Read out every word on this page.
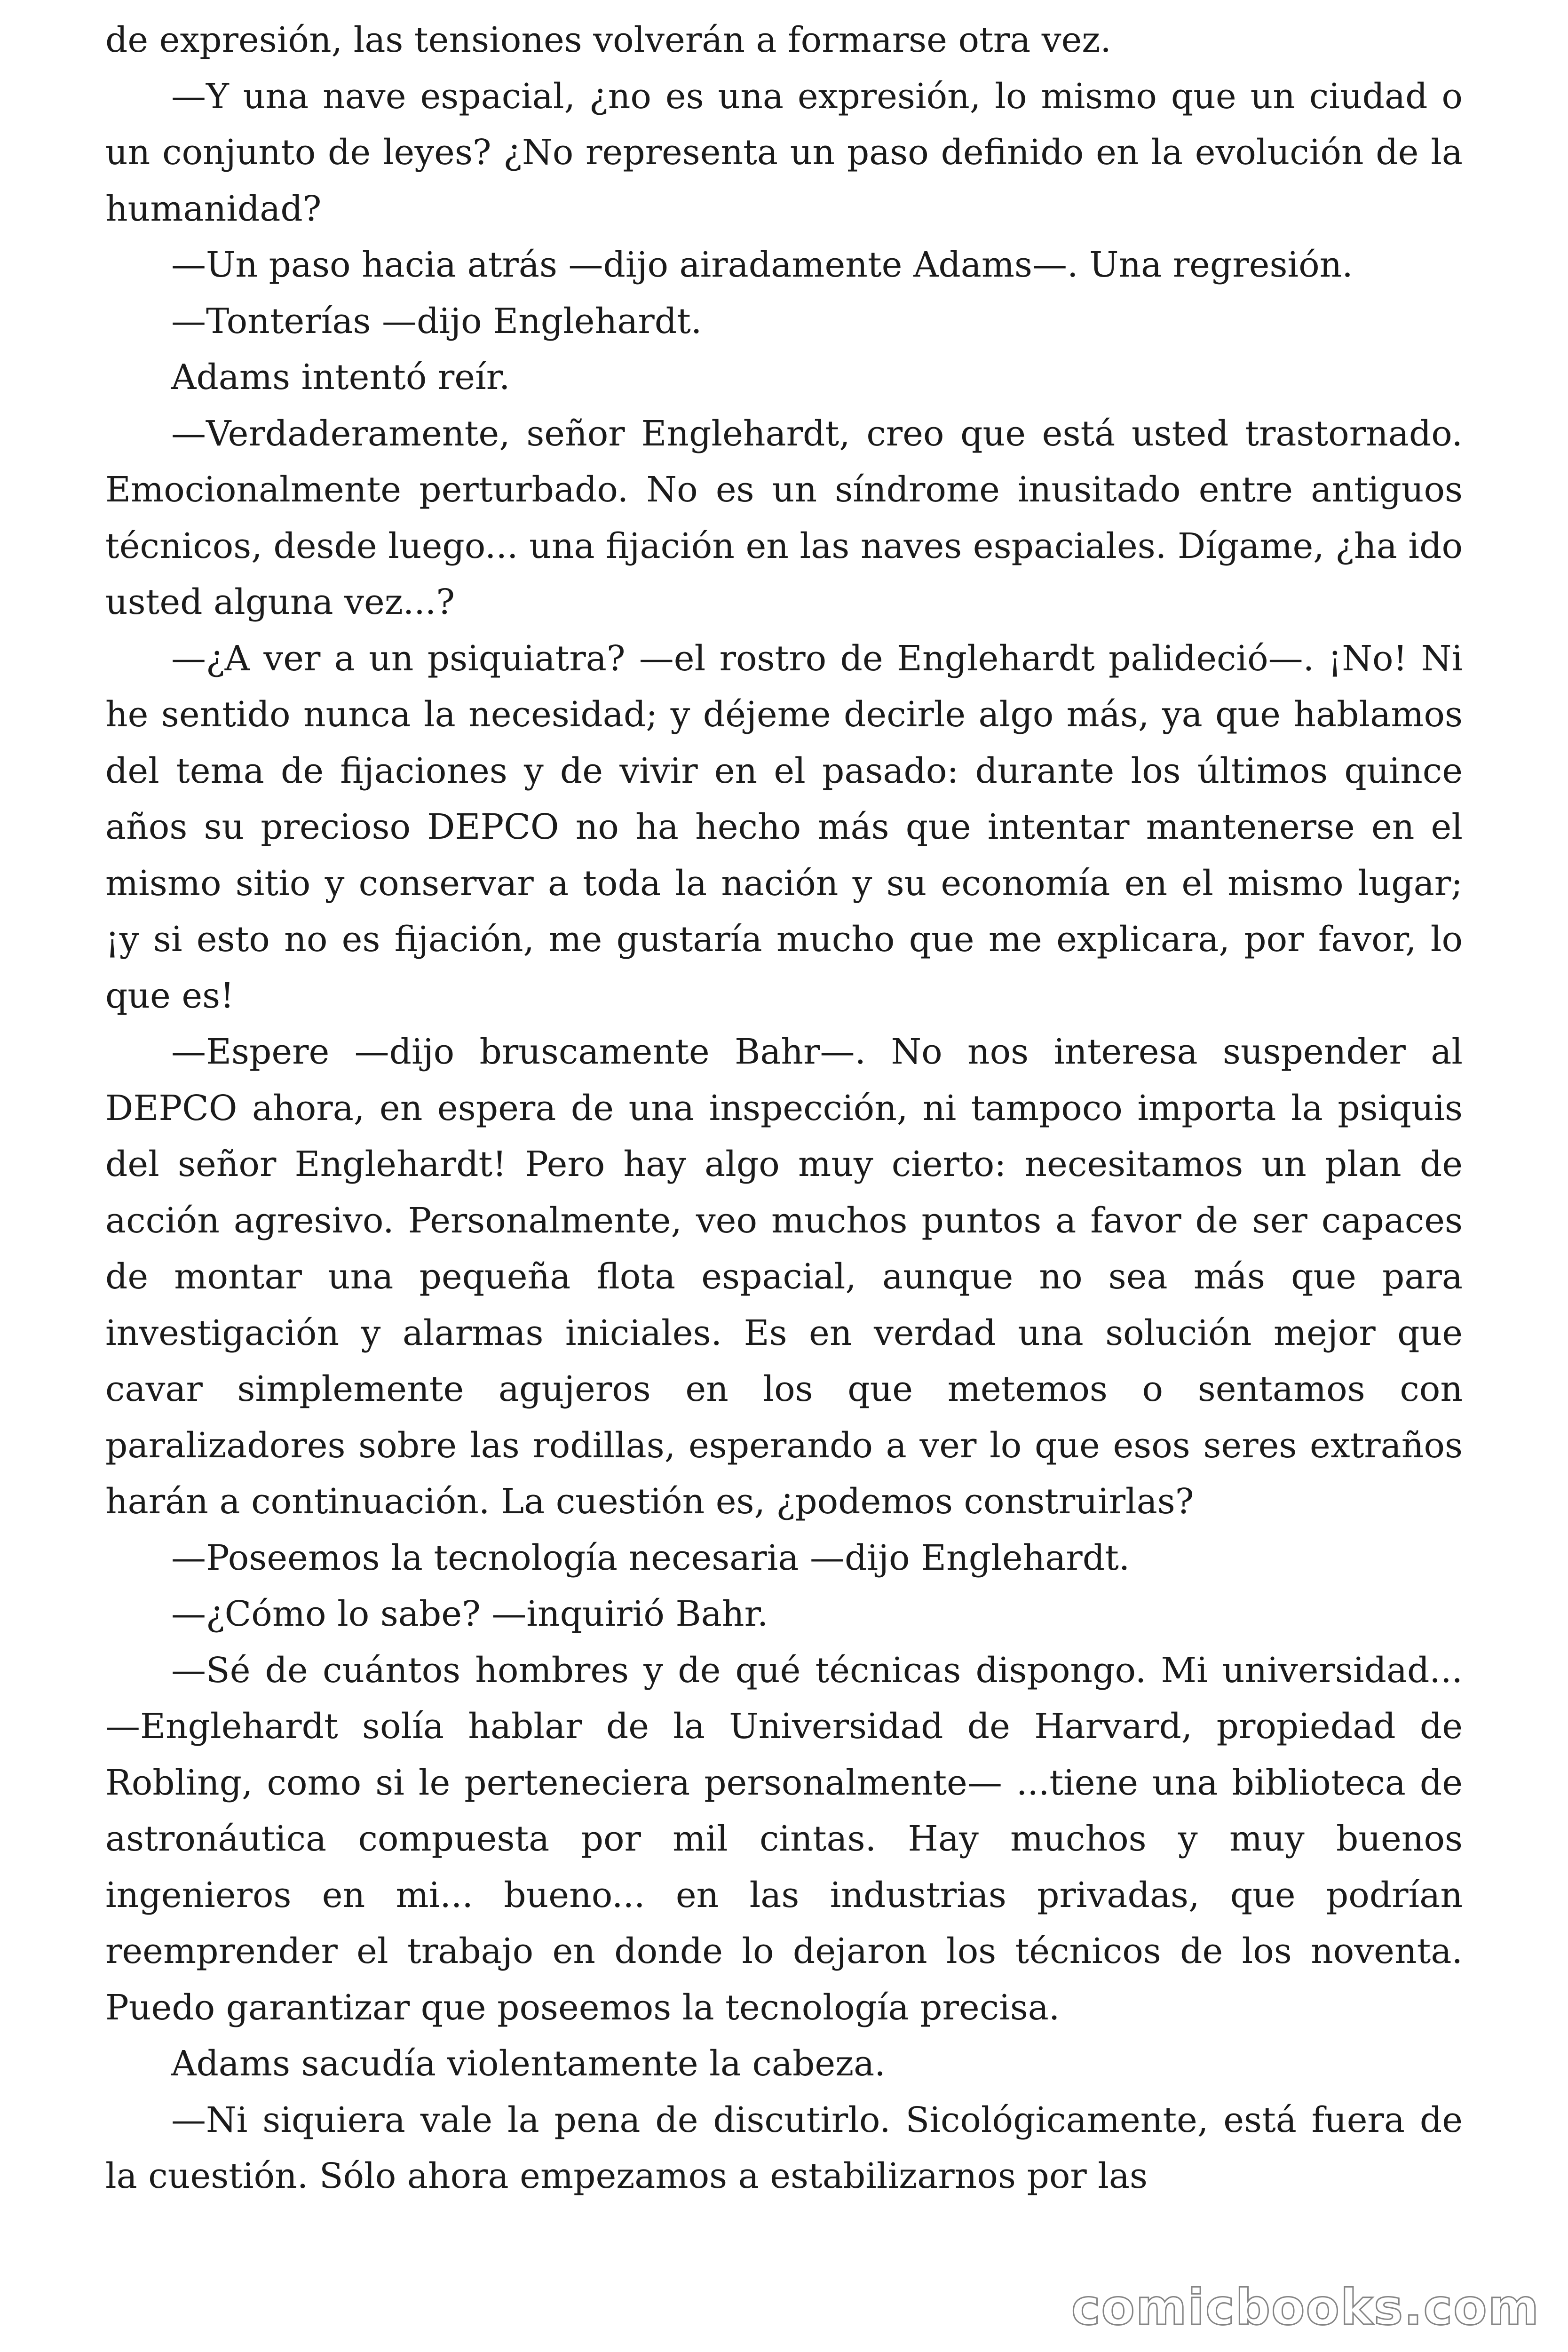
de expresión, las tensiones volverán a formarse otra vez.

—Y una nave espacial, ¿no es una expresión, lo mismo que un ciudad o un conjunto de leyes? ¿No representa un paso definido en la evolución de la humanidad?

—Un paso hacia atrás —dijo airadamente Adams—. Una regresión.

—Tonterías —dijo Englehardt.

Adams intentó reír.

—Verdaderamente, señor Englehardt, creo que está usted trastornado. Emocionalmente perturbado. No es un síndrome inusitado entre antiguos técnicos, desde luego... una fijación en las naves espaciales. Dígame, ¿ha ido usted alguna vez...?

—¿A ver a un psiquiatra? —el rostro de Englehardt palideció—. ¡No! Ni he sentido nunca la necesidad; y déjeme decirle algo más, ya que hablamos del tema de fijaciones y de vivir en el pasado: durante los últimos quince años su precioso DEPCO no ha hecho más que intentar mantenerse en el mismo sitio y conservar a toda la nación y su economía en el mismo lugar; ¡y si esto no es fijación, me gustaría mucho que me explicara, por favor, lo que es!

—Espere —dijo bruscamente Bahr—. No nos interesa suspender al DEPCO ahora, en espera de una inspección, ni tampoco importa la psiquis del señor Englehardt! Pero hay algo muy cierto: necesitamos un plan de acción agresivo. Personalmente, veo muchos puntos a favor de ser capaces de montar una pequeña flota espacial, aunque no sea más que para investigación y alarmas iniciales. Es en verdad una solución mejor que cavar simplemente agujeros en los que metemos o sentamos con paralizadores sobre las rodillas, esperando a ver lo que esos seres extraños harán a continuación. La cuestión es, ¿podemos construirlas?

—Poseemos la tecnología necesaria —dijo Englehardt.

—¿Cómo lo sabe? —inquirió Bahr.

—Sé de cuántos hombres y de qué técnicas dispongo. Mi universidad... —Englehardt solía hablar de la Universidad de Harvard, propiedad de Robling, como si le perteneciera personalmente— ...tiene una biblioteca de astronáutica compuesta por mil cintas. Hay muchos y muy buenos ingenieros en mi... bueno... en las industrias privadas, que podrían reemprender el trabajo en donde lo dejaron los técnicos de los noventa. Puedo garantizar que poseemos la tecnología precisa.

Adams sacudía violentamente la cabeza.

—Ni siquiera vale la pena de discutirlo. Sicológicamente, está fuera de la cuestión. Sólo ahora empezamos a estabilizarnos por las

comicbooks.com
